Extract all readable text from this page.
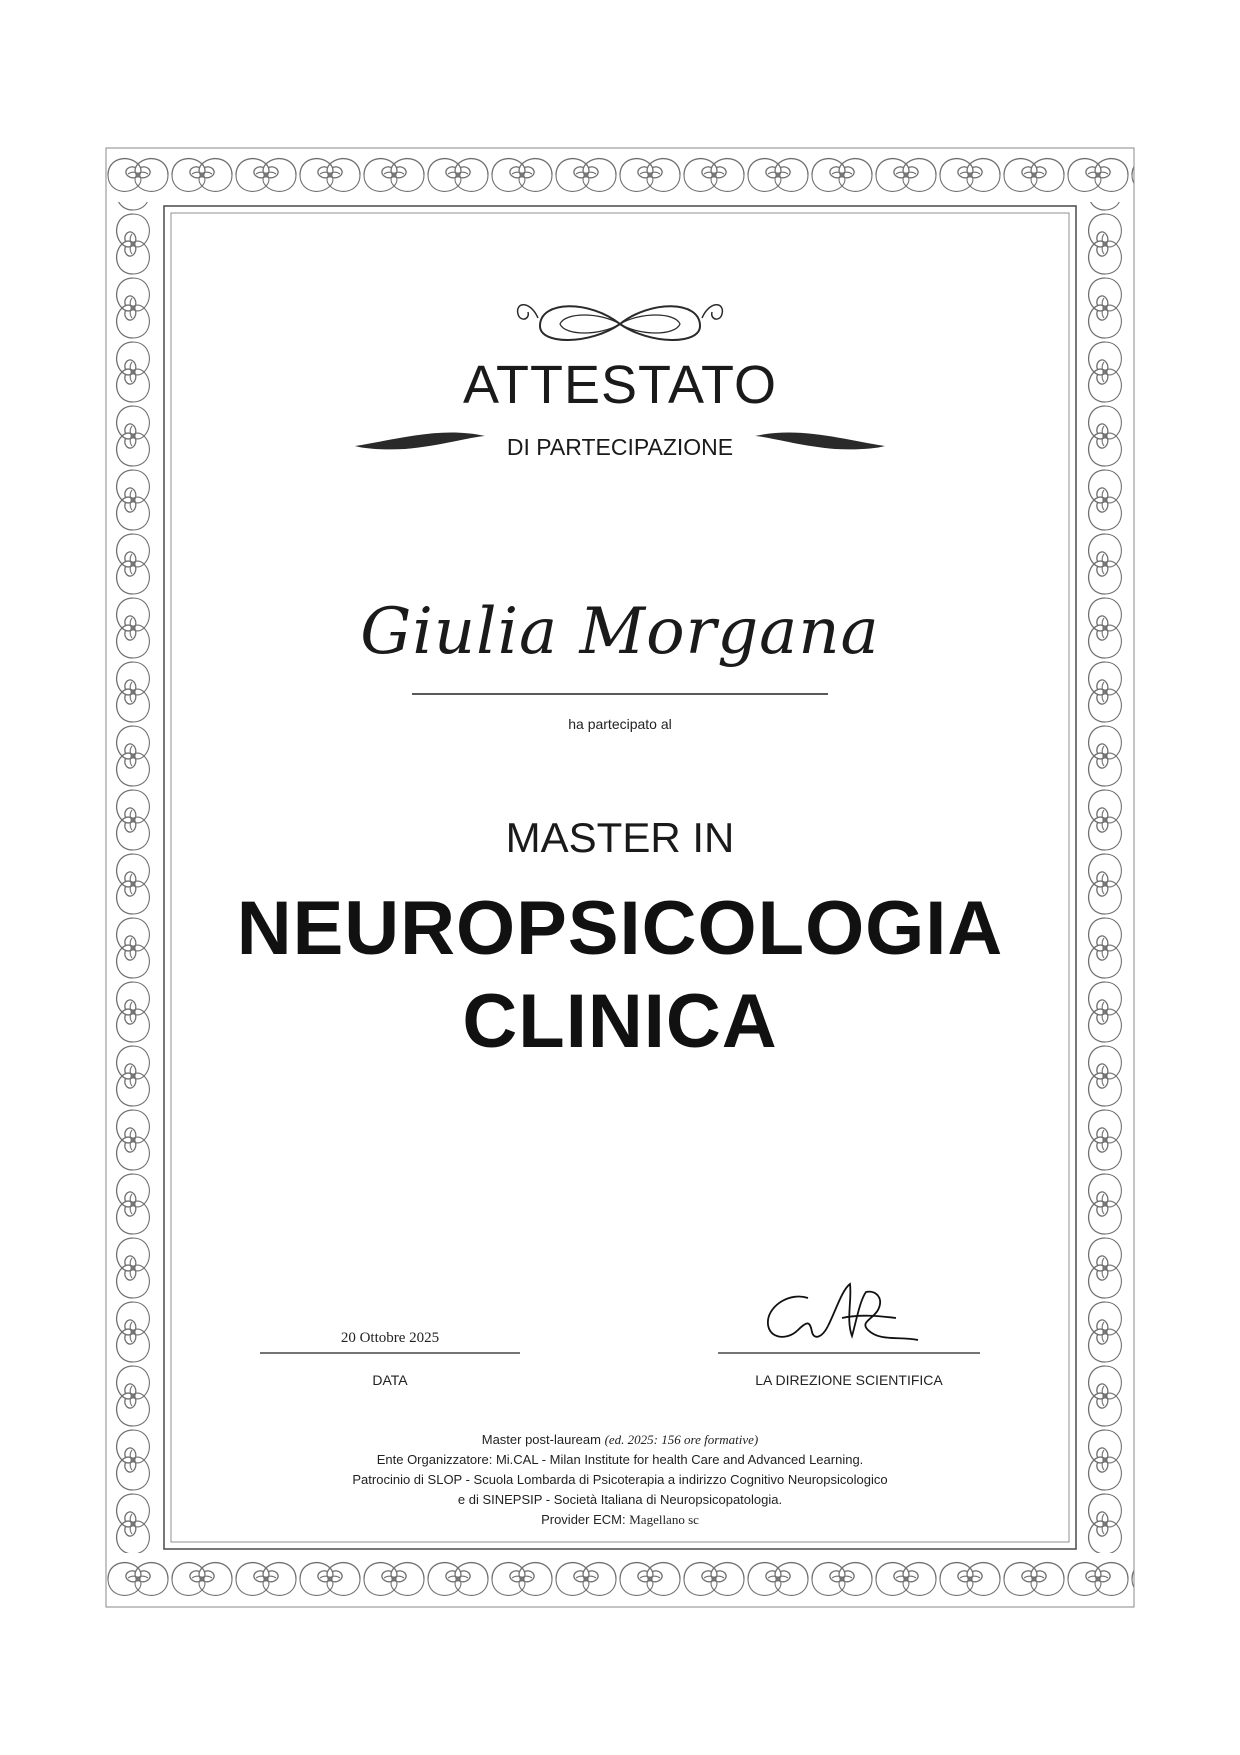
ATTESTATO
DI PARTECIPAZIONE
Giulia Morgana
ha partecipato al
MASTER IN
NEUROPSICOLOGIA
CLINICA
20 Ottobre 2025
DATA	LA DIREZIONE SCIENTIFICA
Master post-lauream (ed. 2025: 156 ore formative)
Ente Organizzatore: Mi.CAL - Milan Institute for health Care and Advanced Learning.
Patrocinio di SLOP - Scuola Lombarda di Psicoterapia a indirizzo Cognitivo Neuropsicologico
e di SINEPSIP - Società Italiana di Neuropsicopatologia.
Provider ECM: Magellano sc
